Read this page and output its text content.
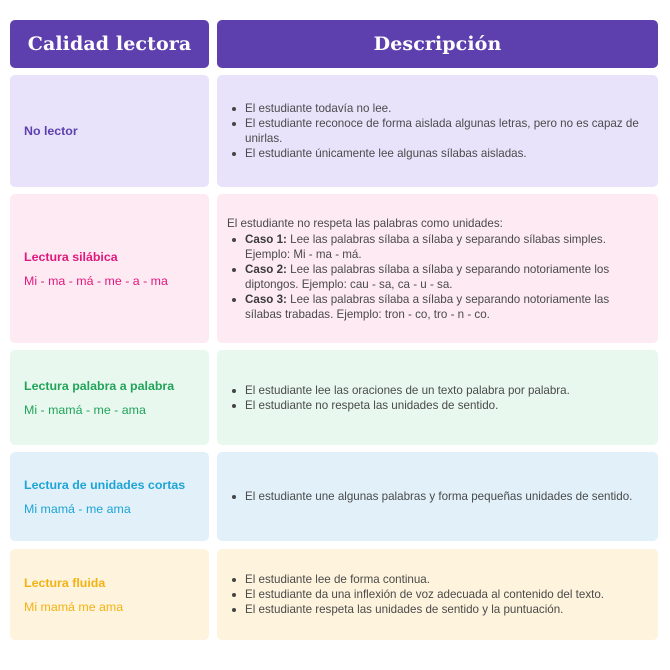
Calidad lectora	Descripción
No lector
El estudiante todavía no lee.
El estudiante reconoce de forma aislada algunas letras, pero no es capaz de unirlas.
El estudiante únicamente lee algunas sílabas aisladas.
Lectura silábica
Mi - ma - má - me - a - ma
El estudiante no respeta las palabras como unidades:
Caso 1: Lee las palabras sílaba a sílaba y separando sílabas simples. Ejemplo: Mi - ma - má.
Caso 2: Lee las palabras sílaba a sílaba y separando notoriamente los diptongos. Ejemplo: cau - sa, ca - u - sa.
Caso 3: Lee las palabras sílaba a sílaba y separando notoriamente las sílabas trabadas. Ejemplo: tron - co, tro - n - co.
Lectura palabra a palabra
Mi - mamá - me - ama
El estudiante lee las oraciones de un texto palabra por palabra.
El estudiante no respeta las unidades de sentido.
Lectura de unidades cortas
Mi mamá - me ama
El estudiante une algunas palabras y forma pequeñas unidades de sentido.
Lectura fluida
Mi mamá me ama
El estudiante lee de forma continua.
El estudiante da una inflexión de voz adecuada al contenido del texto.
El estudiante respeta las unidades de sentido y la puntuación.
